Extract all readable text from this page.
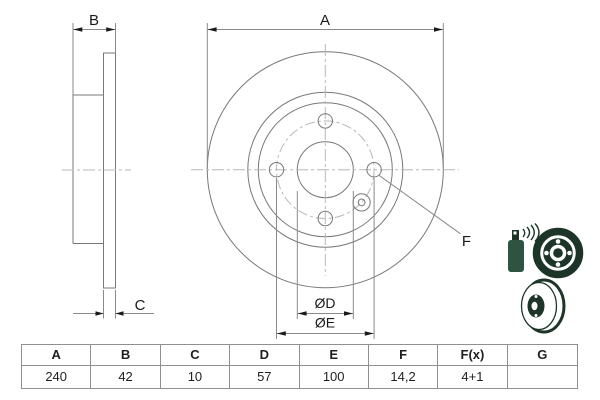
B
C
A
ØD
ØE
F
A	B	C	D	E	F	F(x)	G
240	42	10	57	100	14,2	4+1
